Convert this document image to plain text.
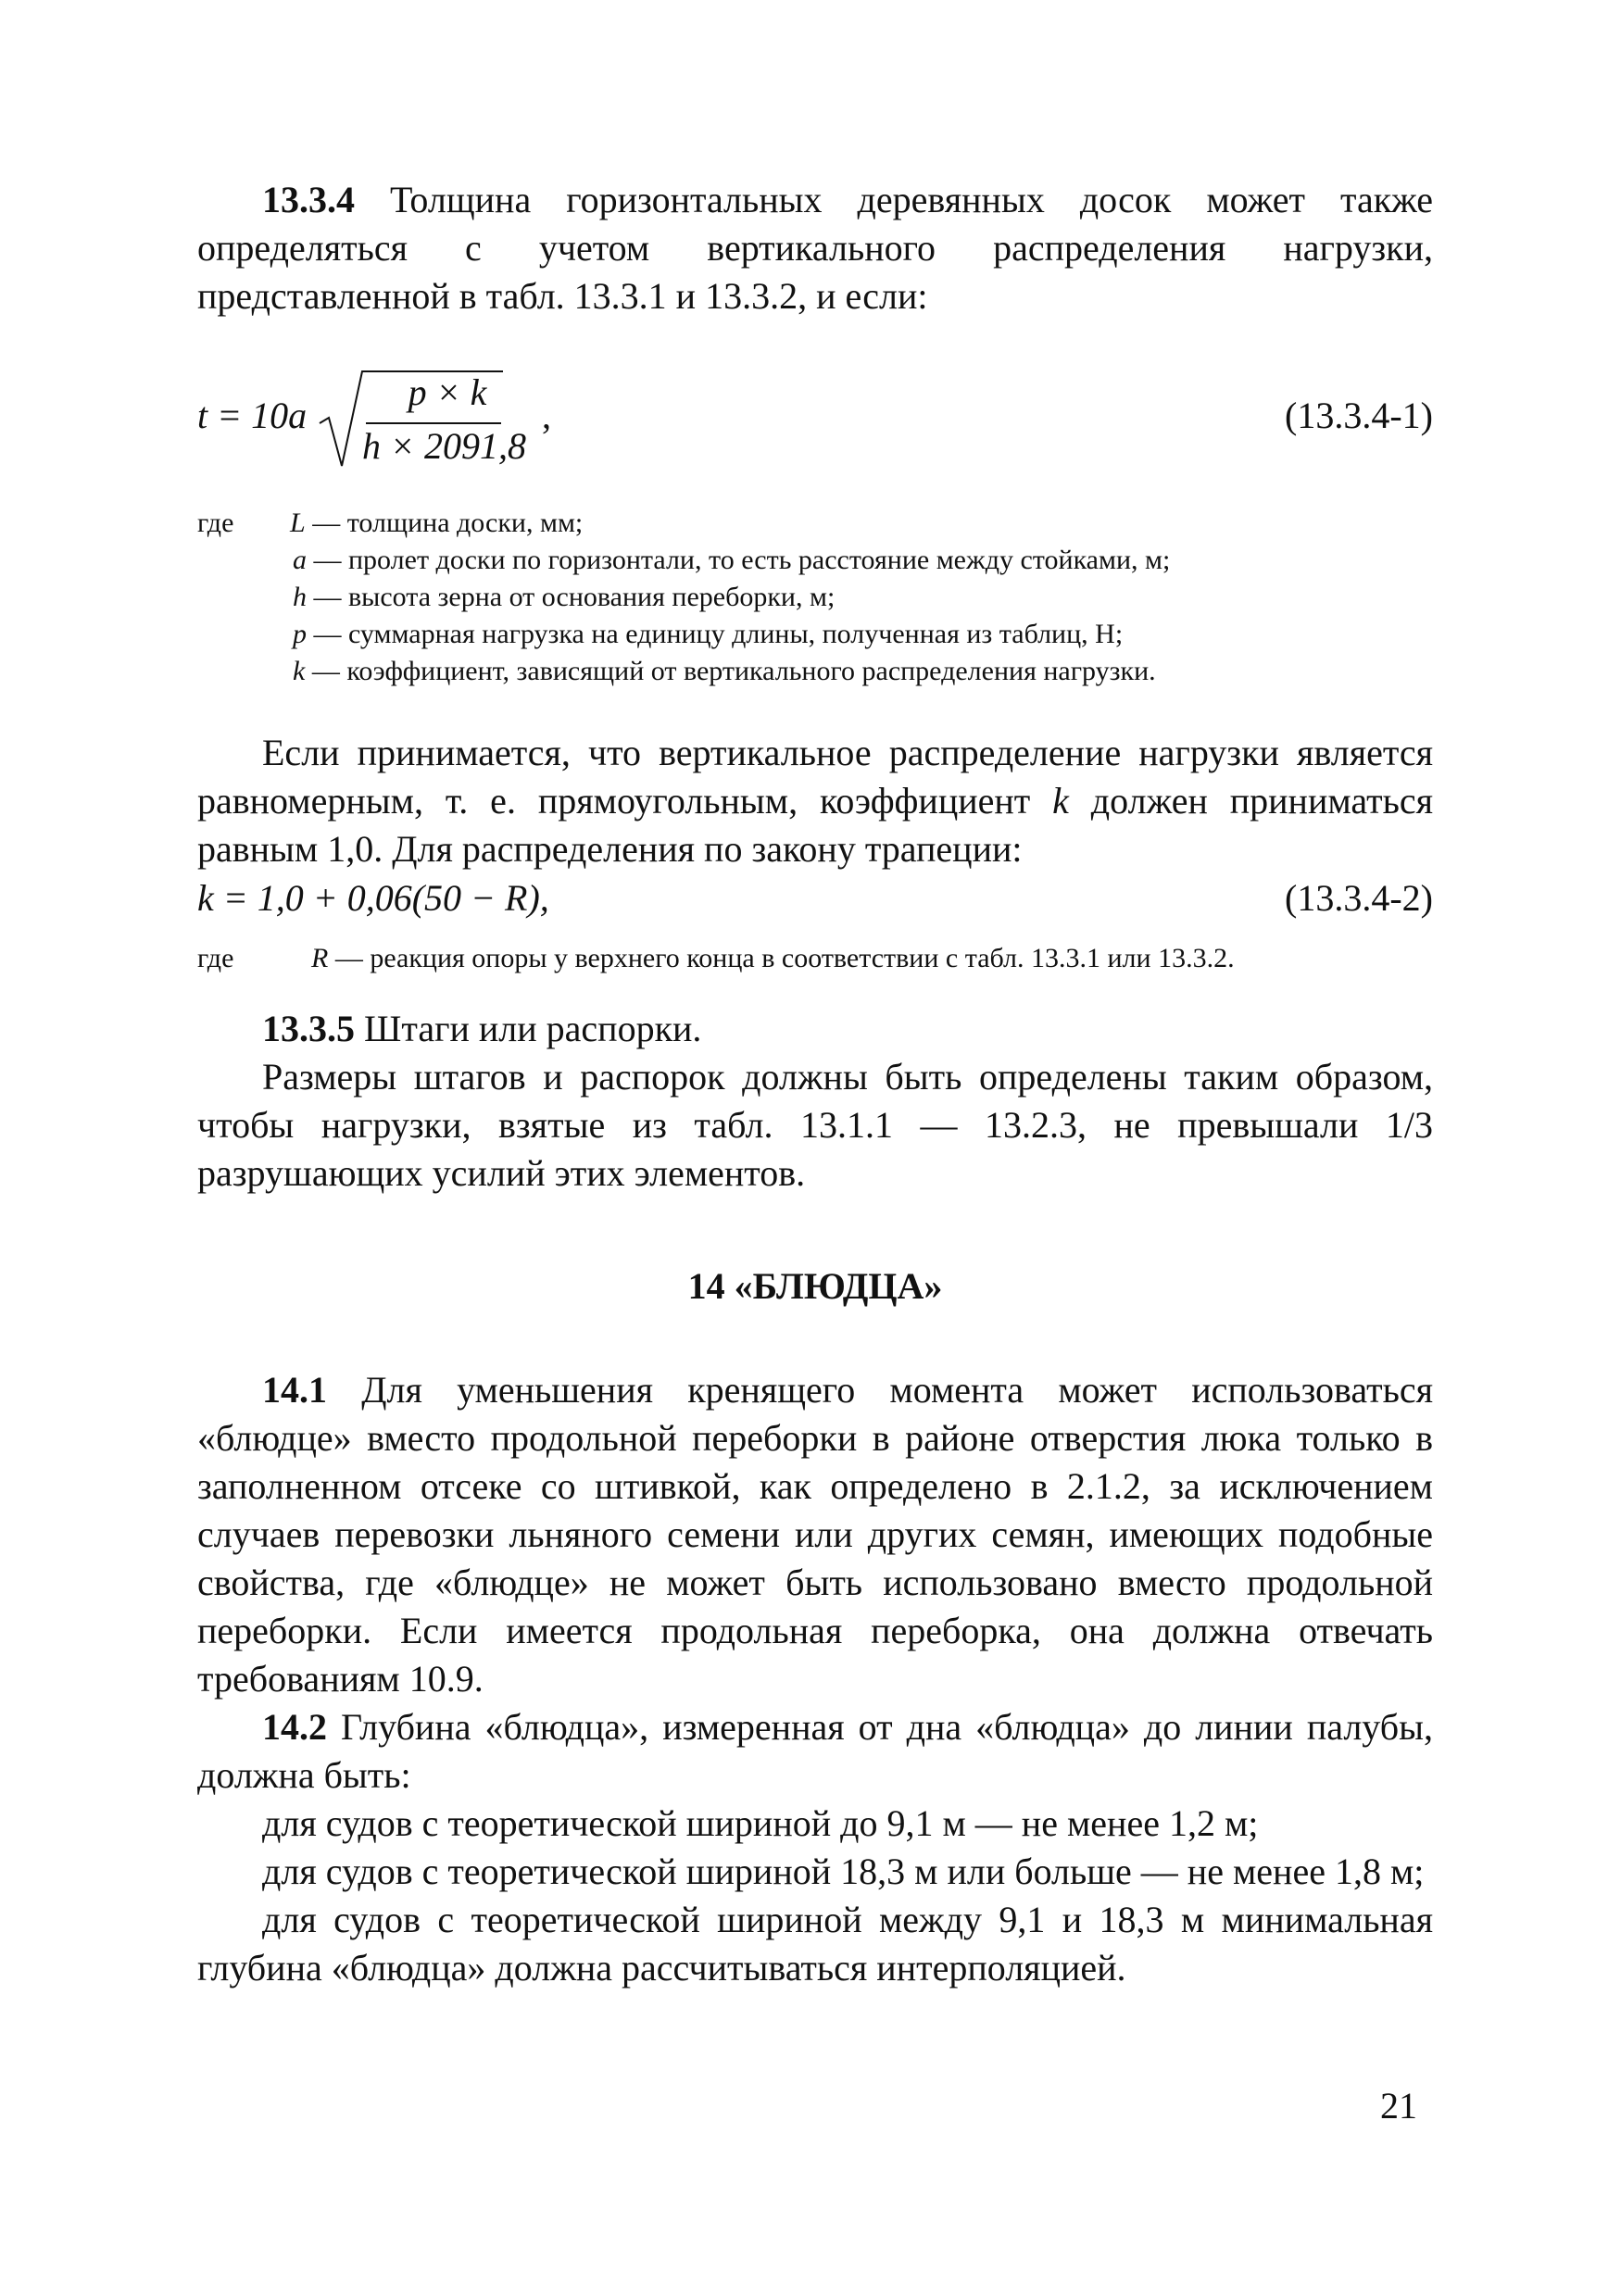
13.3.4 Толщина горизонтальных деревянных досок может также определяться с учетом вертикального распределения нагрузки, представленной в табл. 13.3.1 и 13.3.2, и если:

t = 10a
p × k
h × 2091,8
,	(13.3.4-1)
где L — толщина доски, мм;
a — пролет доски по горизонтали, то есть расстояние между стойками, м;
h — высота зерна от основания переборки, м;
p — суммарная нагрузка на единицу длины, полученная из таблиц, Н;
k — коэффициент, зависящий от вертикального распределения нагрузки.

Если принимается, что вертикальное распределение нагрузки является равномерным, т. е. прямоугольным, коэффициент k должен приниматься равным 1,0. Для распределения по закону трапеции:

k = 1,0 + 0,06(50 − R),	(13.3.4-2)
где	R — реакция опоры у верхнего конца в соответствии с табл. 13.3.1 или 13.3.2.

13.3.5 Штаги или распорки.

Размеры штагов и распорок должны быть определены таким образом, чтобы нагрузки, взятые из табл. 13.1.1 — 13.2.3, не превышали 1/3 разрушающих усилий этих элементов.

14 «БЛЮДЦА»

14.1 Для уменьшения кренящего момента может использоваться «блюдце» вместо продольной переборки в районе отверстия люка только в заполненном отсеке со штивкой, как определено в 2.1.2, за исключением случаев перевозки льняного семени или других семян, имеющих подобные свойства, где «блюдце» не может быть использовано вместо продольной переборки. Если имеется продольная переборка, она должна отвечать требованиям 10.9.

14.2 Глубина «блюдца», измеренная от дна «блюдца» до линии палубы, должна быть:

для судов с теоретической шириной до 9,1 м — не менее 1,2 м;

для судов с теоретической шириной 18,3 м или больше — не менее 1,8 м;

для судов с теоретической шириной между 9,1 и 18,3 м минимальная глубина «блюдца» должна рассчитываться интерполяцией.

21
